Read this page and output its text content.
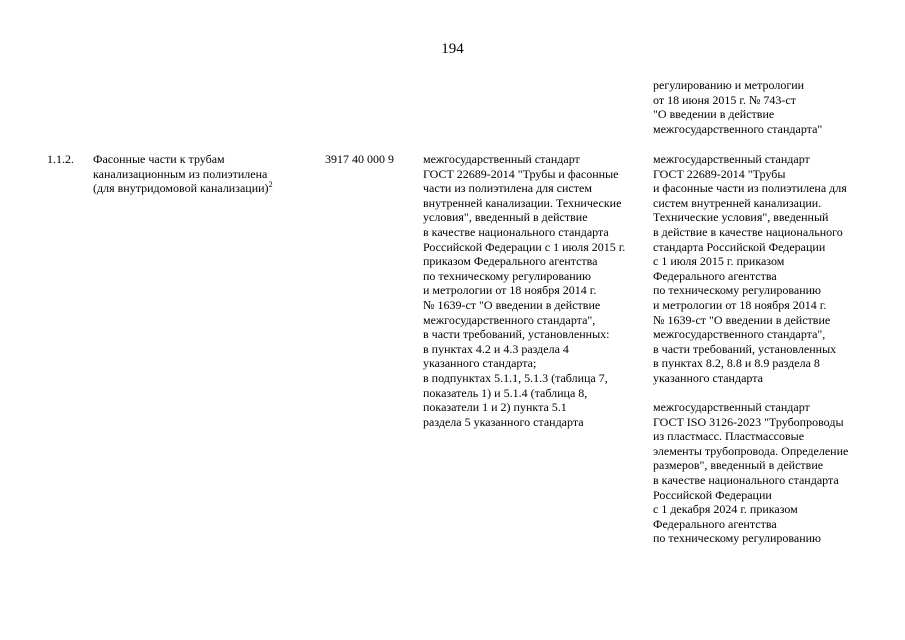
194
регулированию и метрологии
от 18 июня 2015 г. № 743-ст
"О введении в действие
межгосударственного стандарта"
1.1.2. Фасонные части к трубам
канализационным из полиэтилена
(для внутридомовой канализации)$^2$
3917 40 000 9 межгосударственный стандарт
ГОСТ 22689-2014 "Трубы и фасонные
части из полиэтилена для систем
внутренней канализации. Технические
условия", введенный в действие
в качестве национального стандарта
Российской Федерации с 1 июля 2015 г.
приказом Федерального агентства
по техническому регулированию
и метрологии от 18 ноября 2014 г.
№ 1639-ст "О введении в действие
межгосударственного стандарта",
в части требований, установленных:
в пунктах 4.2 и 4.3 раздела 4
указанного стандарта;
в подпунктах 5.1.1, 5.1.3 (таблица 7,
показатель 1) и 5.1.4 (таблица 8,
показатели 1 и 2) пункта 5.1
раздела 5 указанного стандарта
межгосударственный стандарт
ГОСТ 22689-2014 "Трубы
и фасонные части из полиэтилена для
систем внутренней канализации.
Технические условия", введенный
в действие в качестве национального
стандарта Российской Федерации
с 1 июля 2015 г. приказом
Федерального агентства
по техническому регулированию
и метрологии от 18 ноября 2014 г.
№ 1639-ст "О введении в действие
межгосударственного стандарта",
в части требований, установленных
в пунктах 8.2, 8.8 и 8.9 раздела 8
указанного стандарта
межгосударственный стандарт
ГОСТ ISO 3126-2023 "Трубопроводы
из пластмасс. Пластмассовые
элементы трубопровода. Определение
размеров", введенный в действие
в качестве национального стандарта
Российской Федерации
с 1 декабря 2024 г. приказом
Федерального агентства
по техническому регулированию
